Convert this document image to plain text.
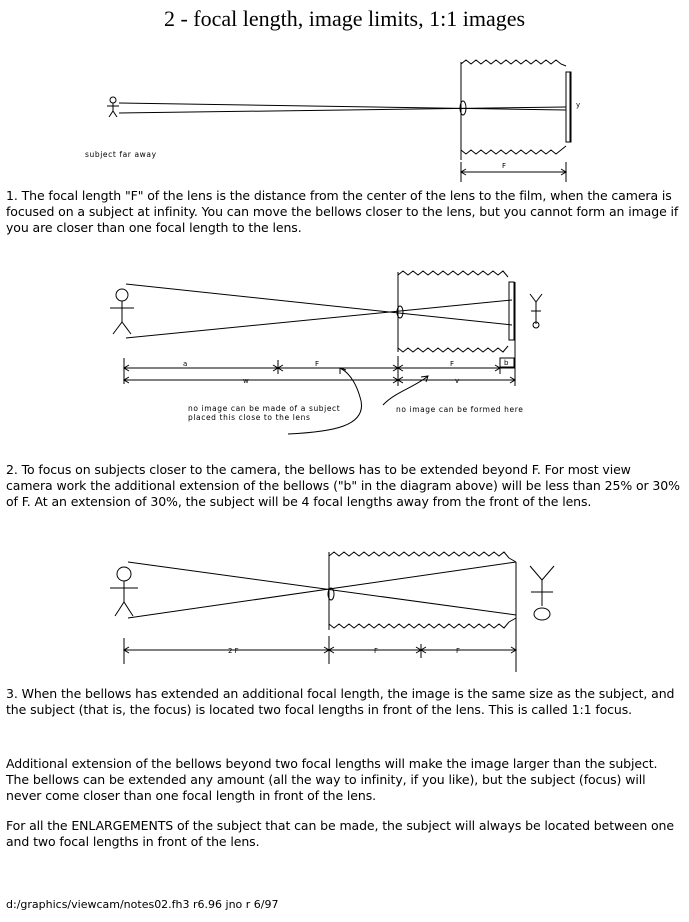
2 - focal length, image limits, 1:1 images
F
y
subject far away

1. The focal length "F" of the lens is the distance from the center of the lens to the film, when the camera is focused on a subject at infinity. You can move the bellows closer to the lens, but you cannot form an image if you are closer than one focal length to the lens.

a	F	F	b
w	v
no image can be made of a subject placed this close to the lens
no image can be formed here

2. To focus on subjects closer to the camera, the bellows has to be extended beyond F. For most view camera work the additional extension of the bellows ("b" in the diagram above) will be less than 25% or 30% of F. At an extension of 30%, the subject will be 4 focal lengths away from the front of the lens.

2 F	F	F

3. When the bellows has extended an additional focal length, the image is the same size as the subject, and the subject (that is, the focus) is located two focal lengths in front of the lens. This is called 1:1 focus.

Additional extension of the bellows beyond two focal lengths will make the image larger than the subject. The bellows can be extended any amount (all the way to infinity, if you like), but the subject (focus) will never come closer than one focal length in front of the lens.

For all the ENLARGEMENTS of the subject that can be made, the subject will always be located between one and two focal lengths in front of the lens.

d:/graphics/viewcam/notes02.fh3 r6.96 jno r 6/97
